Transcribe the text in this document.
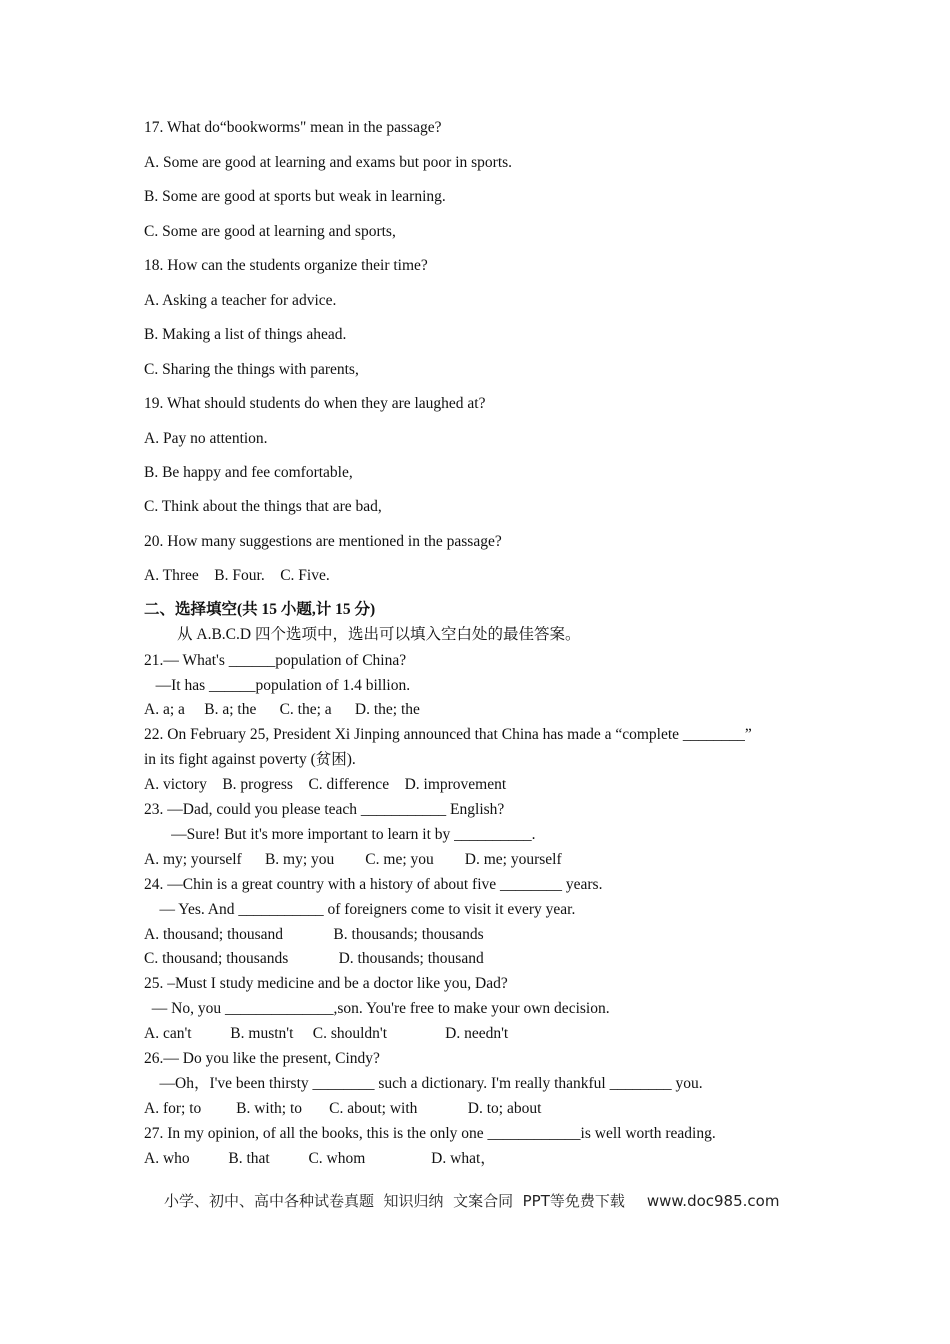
17. What do“bookworms" mean in the passage?
A. Some are good at learning and exams but poor in sports.
B. Some are good at sports but weak in learning.
C. Some are good at learning and sports,
18. How can the students organize their time?
A. Asking a teacher for advice.
B. Making a list of things ahead.
C. Sharing the things with parents,
19. What should students do when they are laughed at?
A. Pay no attention.
B. Be happy and fee comfortable,
C. Think about the things that are bad,
20. How many suggestions are mentioned in the passage?
A. Three    B. Four.    C. Five.
二、选择填空(共 15 小题,计 15 分)
从 A.B.C.D 四个选项中，选出可以填入空白处的最佳答案。
21.— What's ______population of China?
—It has ______population of 1.4 billion.
A. a; a     B. a; the      C. the; a      D. the; the
22. On February 25, President Xi Jinping announced that China has made a “complete ________”
in its fight against poverty (贫困).
A. victory    B. progress    C. difference    D. improvement
23. —Dad, could you please teach ___________ English?
—Sure! But it's more important to learn it by __________.
A. my; yourself      B. my; you        C. me; you        D. me; yourself
24. —Chin is a great country with a history of about five ________ years.
— Yes. And ___________ of foreigners come to visit it every year.
A. thousand; thousand             B. thousands; thousands
C. thousand; thousands             D. thousands; thousand
25. –Must I study medicine and be a doctor like you, Dad?
— No, you ______________,son. You're free to make your own decision.
A. can't          B. mustn't     C. shouldn't               D. needn't
26.— Do you like the present, Cindy?
—Oh，I've been thirsty ________ such a dictionary. I'm really thankful ________ you.
A. for; to         B. with; to       C. about; with             D. to; about
27. In my opinion, of all the books, this is the only one ____________is well worth reading.
A. who          B. that          C. whom                 D. what，
小学、初中、高中各种试卷真题  知识归纳  文案合同  PPT等免费下载 www.doc985.com
